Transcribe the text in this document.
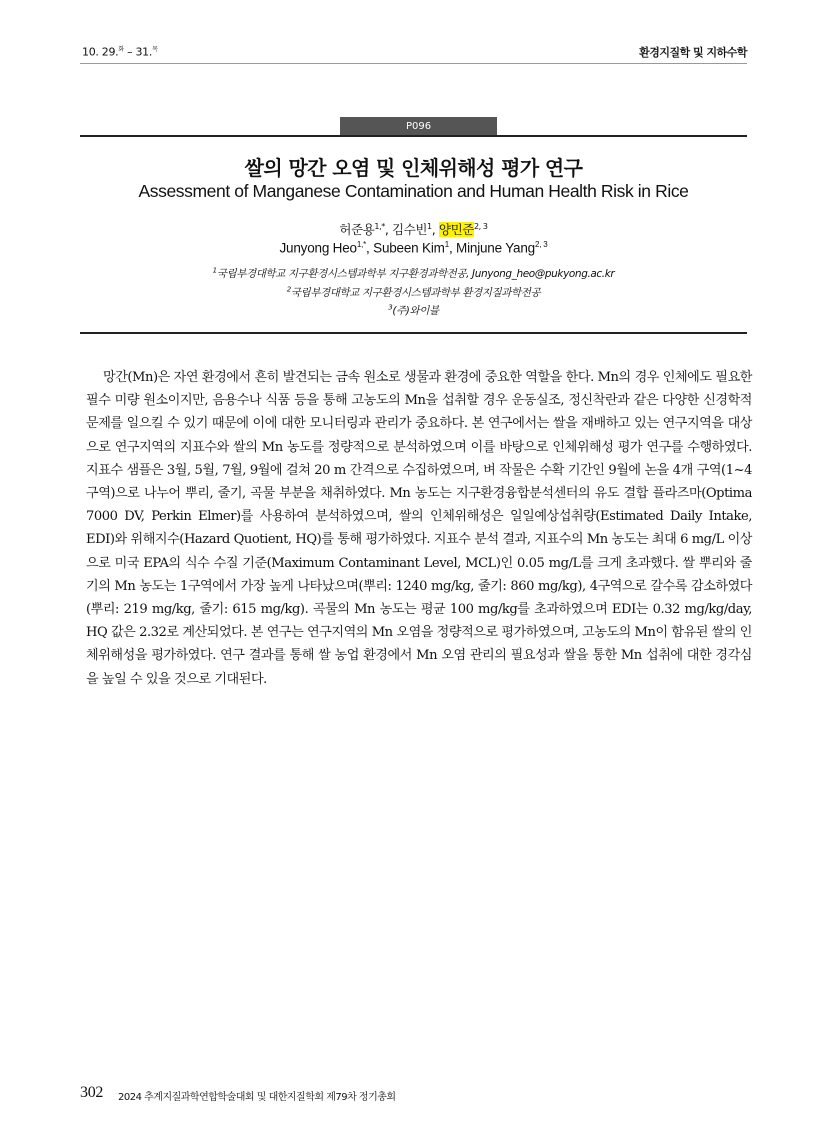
10. 29.$^화$ – 31.$^목$	환경지질학 및 지하수학
P096
쌀의 망간 오염 및 인체위해성 평가 연구
Assessment of Manganese Contamination and Human Health Risk in Rice
허준용$^{1,*}$, 김수빈$^1$, 양민준$^{2, 3}$
Junyong Heo$^{1,*}$, Subeen Kim$^1$, Minjune Yang$^{2, 3}$
$^1$국립부경대학교 지구환경시스템과학부 지구환경과학전공, Junyong_heo@pukyong.ac.kr
$^2$국립부경대학교 지구환경시스템과학부 환경지질과학전공
$^3$(주)와이블

망간(Mn)은 자연 환경에서 흔히 발견되는 금속 원소로 생물과 환경에 중요한 역할을 한다. Mn의 경우 인체에도 필요한 필수 미량 원소이지만, 음용수나 식품 등을 통해 고농도의 Mn을 섭취할 경우 운동실조, 정신착란과 같은 다양한 신경학적 문제를 일으킬 수 있기 때문에 이에 대한 모니터링과 관리가 중요하다. 본 연구에서는 쌀을 재배하고 있는 연구지역을 대상으로 연구지역의 지표수와 쌀의 Mn 농도를 정량적으로 분석하였으며 이를 바탕으로 인체위해성 평가 연구를 수행하였다. 지표수 샘플은 3월, 5월, 7월, 9월에 걸쳐 20 m 간격으로 수집하였으며, 벼 작물은 수확 기간인 9월에 논을 4개 구역(1~4구역)으로 나누어 뿌리, 줄기, 곡물 부분을 채취하였다. Mn 농도는 지구환경융합분석센터의 유도 결합 플라즈마(Optima 7000 DV, Perkin Elmer)를 사용하여 분석하였으며, 쌀의 인체위해성은 일일예상섭취량(Estimated Daily Intake, EDI)와 위해지수(Hazard Quotient, HQ)를 통해 평가하였다. 지표수 분석 결과, 지표수의 Mn 농도는 최대 6 mg/L 이상으로 미국 EPA의 식수 수질 기준(Maximum Contaminant Level, MCL)인 0.05 mg/L를 크게 초과했다. 쌀 뿌리와 줄기의 Mn 농도는 1구역에서 가장 높게 나타났으며(뿌리: 1240 mg/kg, 줄기: 860 mg/kg), 4구역으로 갈수록 감소하였다(뿌리: 219 mg/kg, 줄기: 615 mg/kg). 곡물의 Mn 농도는 평균 100 mg/kg를 초과하였으며 EDI는 0.32 mg/kg/day, HQ 값은 2.32로 계산되었다. 본 연구는 연구지역의 Mn 오염을 정량적으로 평가하였으며, 고농도의 Mn이 함유된 쌀의 인체위해성을 평가하였다. 연구 결과를 통해 쌀 농업 환경에서 Mn 오염 관리의 필요성과 쌀을 통한 Mn 섭취에 대한 경각심을 높일 수 있을 것으로 기대된다.

302 2024 추계지질과학연합학술대회 및 대한지질학회 제79차 정기총회
